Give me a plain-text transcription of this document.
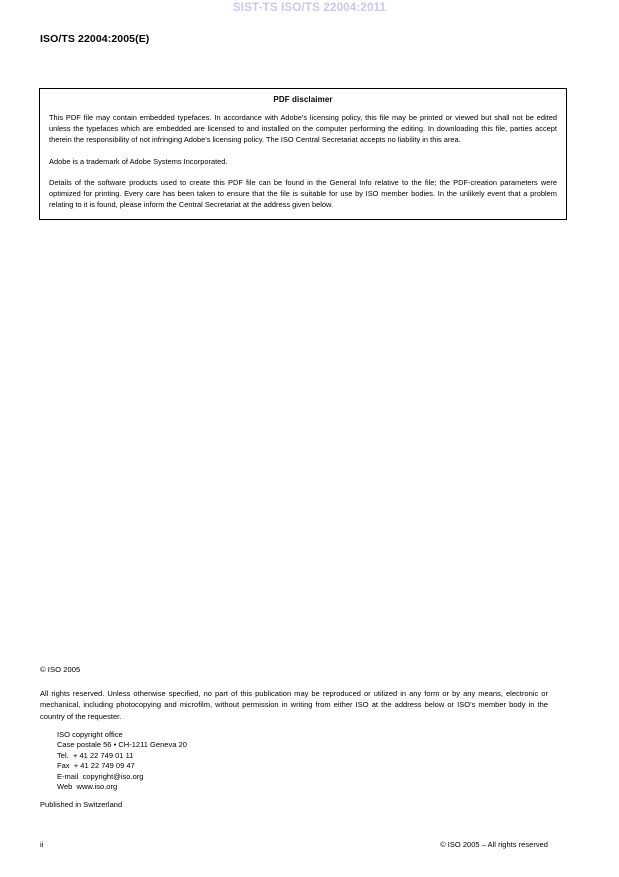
SIST-TS ISO/TS 22004:2011
ISO/TS 22004:2005(E)
PDF disclaimer

This PDF file may contain embedded typefaces. In accordance with Adobe's licensing policy, this file may be printed or viewed but shall not be edited unless the typefaces which are embedded are licensed to and installed on the computer performing the editing. In downloading this file, parties accept therein the responsibility of not infringing Adobe's licensing policy. The ISO Central Secretariat accepts no liability in this area.

Adobe is a trademark of Adobe Systems Incorporated.

Details of the software products used to create this PDF file can be found in the General Info relative to the file; the PDF-creation parameters were optimized for printing. Every care has been taken to ensure that the file is suitable for use by ISO member bodies. In the unlikely event that a problem relating to it is found, please inform the Central Secretariat at the address given below.

© ISO 2005
All rights reserved. Unless otherwise specified, no part of this publication may be reproduced or utilized in any form or by any means, electronic or mechanical, including photocopying and microfilm, without permission in writing from either ISO at the address below or ISO's member body in the country of the requester.
ISO copyright office
Case postale 56 • CH-1211 Geneva 20
Tel.  + 41 22 749 01 11
Fax  + 41 22 749 09 47
E-mail  copyright@iso.org
Web  www.iso.org
Published in Switzerland
ii	© ISO 2005 – All rights reserved
